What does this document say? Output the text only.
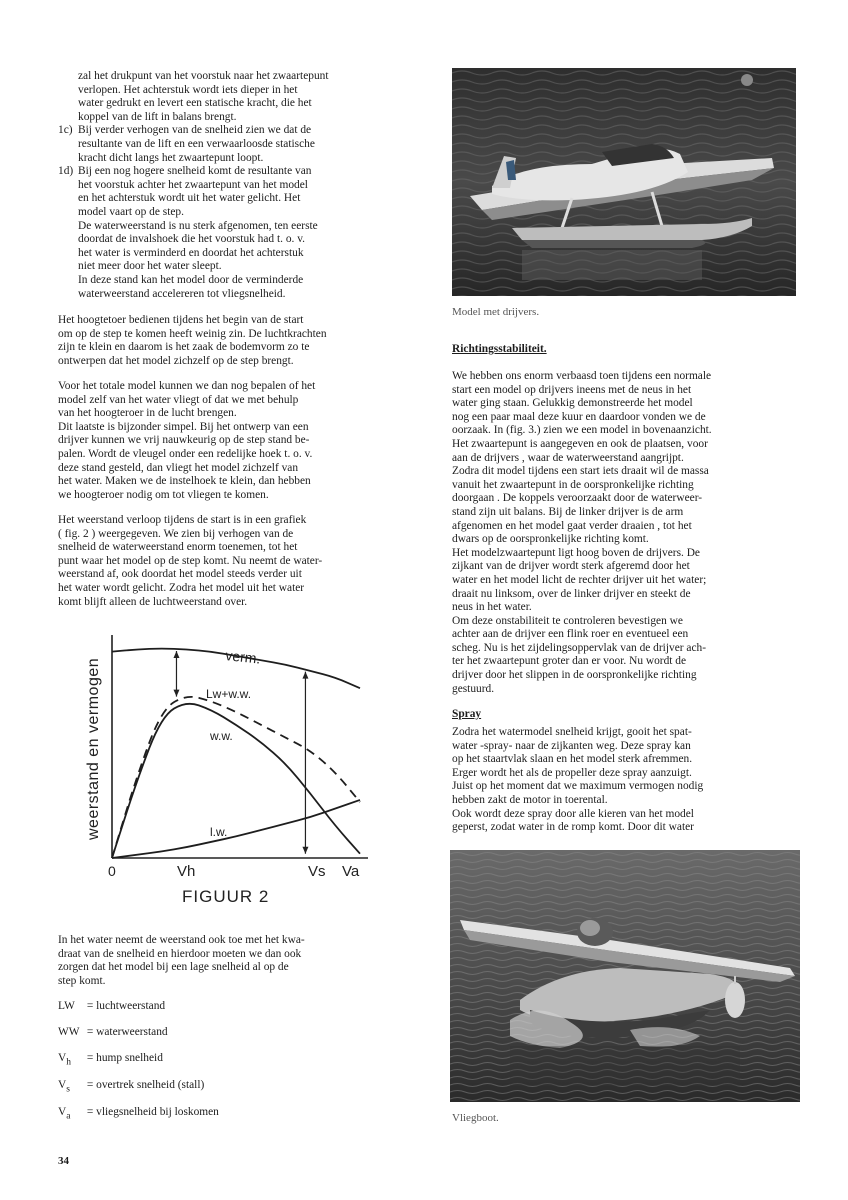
zal het drukpunt van het voorstuk naar het zwaartepunt

verlopen. Het achterstuk wordt iets dieper in het

water gedrukt en levert een statische kracht, die het

koppel van de lift in balans brengt.

1c) Bij verder verhogen van de snelheid zien we dat de

resultante van de lift en een verwaarloosde statische

kracht dicht langs het zwaartepunt loopt.

1d) Bij een nog hogere snelheid komt de resultante van

het voorstuk achter het zwaartepunt van het model

en het achterstuk wordt uit het water gelicht. Het

model vaart op de step.

De waterweerstand is nu sterk afgenomen, ten eerste

doordat de invalshoek die het voorstuk had t. o. v.

het water is verminderd en doordat het achterstuk

niet meer door het water sleept.

In deze stand kan het model door de verminderde

waterweerstand accelereren tot vliegsnelheid.

Het hoogtetoer bedienen tijdens het begin van de start

om op de step te komen heeft weinig zin. De luchtkrachten

zijn te klein en daarom is het zaak de bodemvorm zo te

ontwerpen dat het model zichzelf op de step brengt.

Voor het totale model kunnen we dan nog bepalen of het

model zelf van het water vliegt of dat we met behulp

van het hoogteroer in de lucht brengen.

Dit laatste is bijzonder simpel. Bij het ontwerp van een

drijver kunnen we vrij nauwkeurig op de step stand be-

palen. Wordt de vleugel onder een redelijke hoek t. o. v.

deze stand gesteld, dan vliegt het model zichzelf van

het water. Maken we de instelhoek te klein, dan hebben

we hoogteroer nodig om tot vliegen te komen.

Het weerstand verloop tijdens de start is in een grafiek

( fig. 2 ) weergegeven. We zien bij verhogen van de

snelheid de waterweerstand enorm toenemen, tot het

punt waar het model op de step komt. Nu neemt de water-

weerstand af, ook doordat het model steeds verder uit

het water wordt gelicht. Zodra het model uit het water

komt blijft alleen de luchtweerstand over.

weerstand en vermogen
0	Vh	Vs Va
FIGUUR 2
verm.
Lw+w.w.
w.w.
l.w.

In het water neemt de weerstand ook toe met het kwa-

draat van de snelheid en hierdoor moeten we dan ook

zorgen dat het model bij een lage snelheid al op de

step komt.

LW = luchtweerstand
WW = waterweerstand
$V_h$ = hump snelheid
$V_s$ = overtrek snelheid (stall)
$V_a$ = vliegsnelheid bij loskomen
34
Model met drijvers.
Richtingsstabiliteit.

We hebben ons enorm verbaasd toen tijdens een normale

start een model op drijvers ineens met de neus in het

water ging staan. Gelukkig demonstreerde het model

nog een paar maal deze kuur en daardoor vonden we de

oorzaak. In (fig. 3.) zien we een model in bovenaanzicht.

Het zwaartepunt is aangegeven en ook de plaatsen, voor

aan de drijvers , waar de waterweerstand aangrijpt.

Zodra dit model tijdens een start iets draait wil de massa

vanuit het zwaartepunt in de oorspronkelijke richting

doorgaan . De koppels veroorzaakt door de waterweer-

stand zijn uit balans. Bij de linker drijver is de arm

afgenomen en het model gaat verder draaien , tot het

dwars op de oorspronkelijke richting komt.

Het modelzwaartepunt ligt hoog boven de drijvers. De

zijkant van de drijver wordt sterk afgeremd door het

water en het model licht de rechter drijver uit het water;

draait nu linksom, over de linker drijver en steekt de

neus in het water.

Om deze onstabiliteit te controleren bevestigen we

achter aan de drijver een flink roer en eventueel een

scheg. Nu is het zijdelingsoppervlak van de drijver ach-

ter het zwaartepunt groter dan er voor. Nu wordt de

drijver door het slippen in de oorspronkelijke richting

gestuurd.

Spray

Zodra het watermodel snelheid krijgt, gooit het spat-

water -spray- naar de zijkanten weg. Deze spray kan

op het staartvlak slaan en het model sterk afremmen.

Erger wordt het als de propeller deze spray aanzuigt.

Juist op het moment dat we maximum vermogen nodig

hebben zakt de motor in toerental.

Ook wordt deze spray door alle kieren van het model

geperst, zodat water in de romp komt. Door dit water

Vliegboot.
